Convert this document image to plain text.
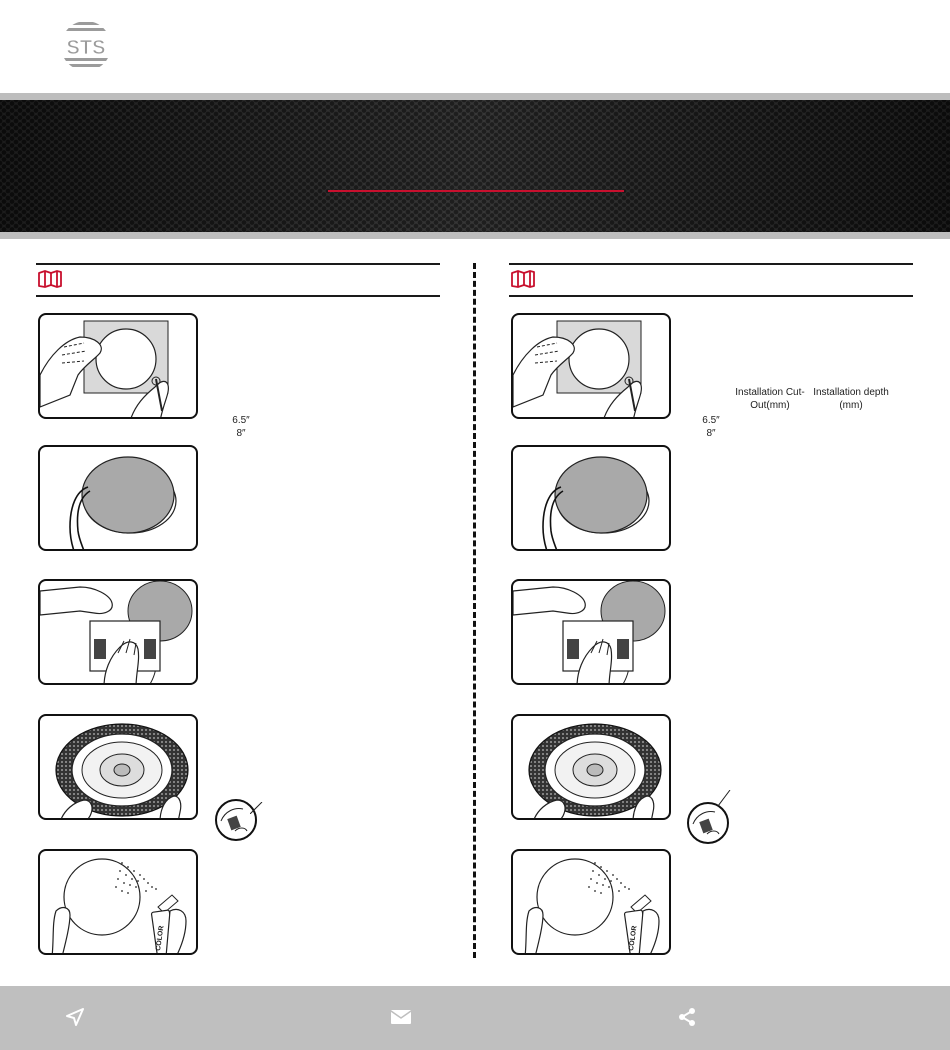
STS
COLOR
6.5″
8″
COLOR
Installation Cut-Out(mm)
Installation depth (mm)
6.5″
8″
